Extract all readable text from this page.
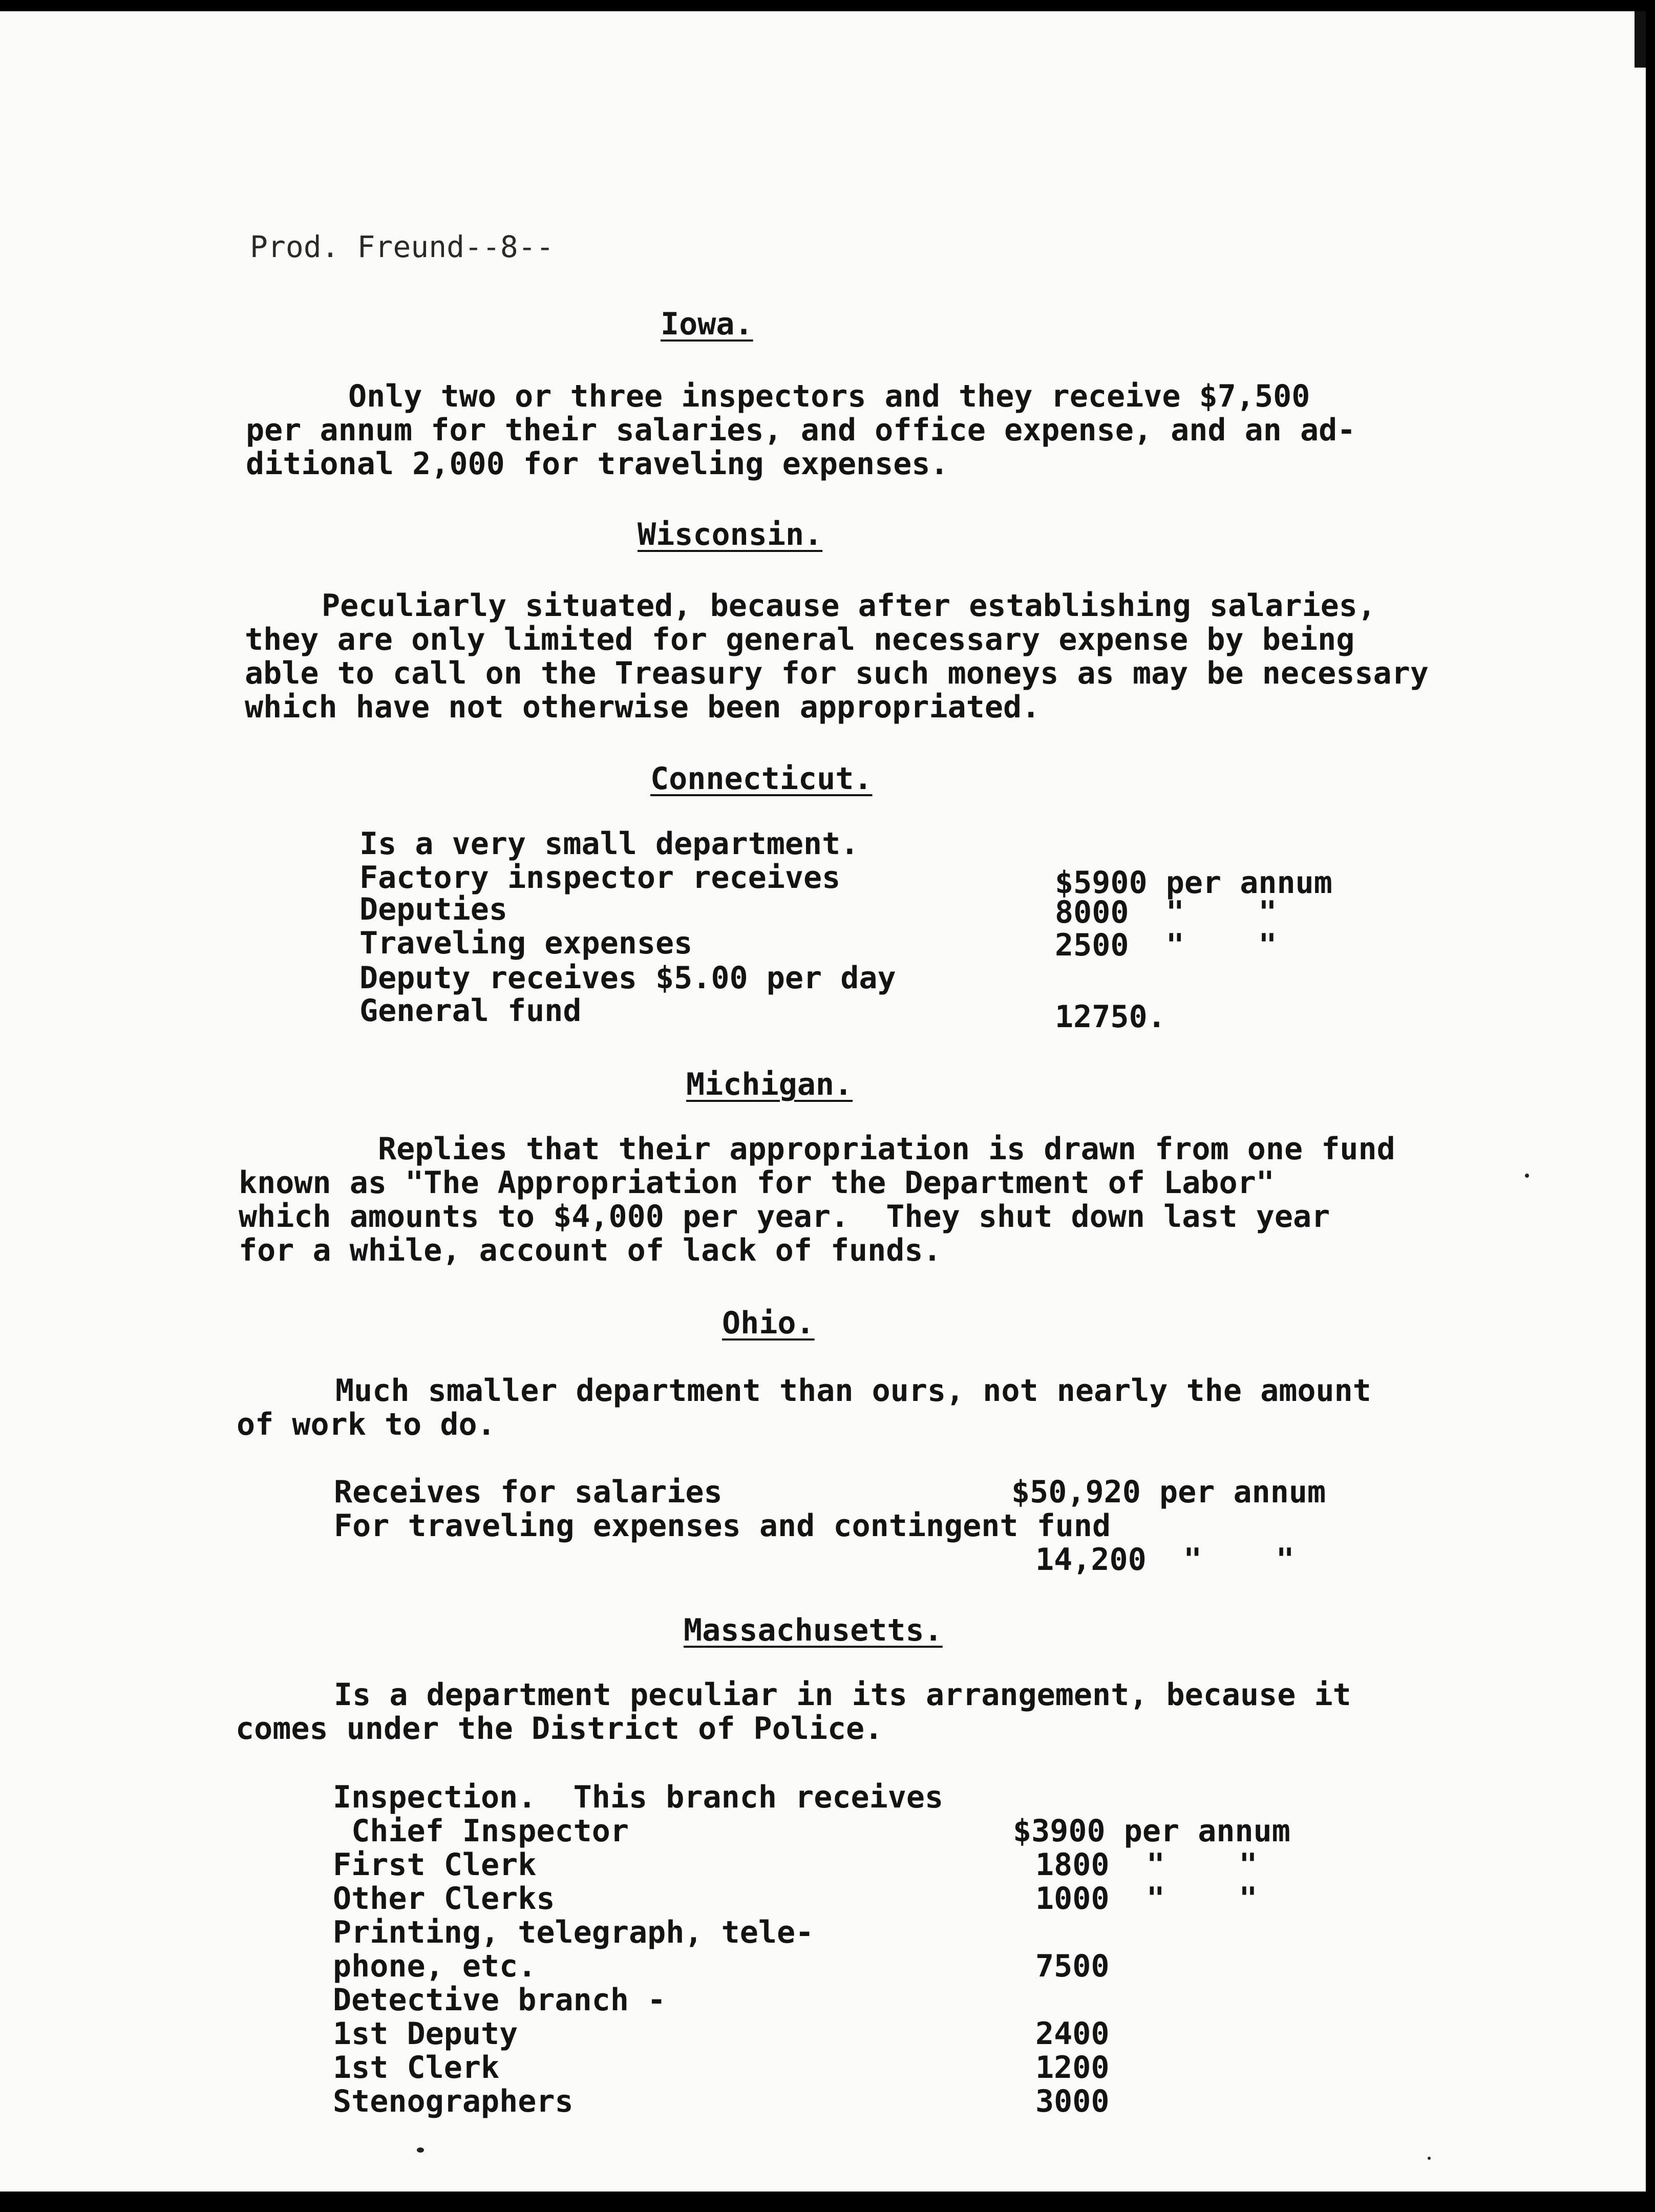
Prod. Freund--8--
Iowa.
Only two or three inspectors and they receive $7,500
per annum for their salaries, and office expense, and an ad-
ditional 2,000 for traveling expenses.
Wisconsin.
Peculiarly situated, because after establishing salaries,
they are only limited for general necessary expense by being
able to call on the Treasury for such moneys as may be necessary
which have not otherwise been appropriated.
Connecticut.
Is a very small department.
Factory inspector receives	$5900 per annum
Deputies	8000  "    "
Traveling expenses	2500  "    "
Deputy receives $5.00 per day
General fund	12750.
Michigan.
Replies that their appropriation is drawn from one fund
known as "The Appropriation for the Department of Labor"
which amounts to $4,000 per year.  They shut down last year
for a while, account of lack of funds.
Ohio.
Much smaller department than ours, not nearly the amount
of work to do.
Receives for salaries	$50,920 per annum
For traveling expenses and contingent fund
14,200  "    "
Massachusetts.
Is a department peculiar in its arrangement, because it
comes under the District of Police.
Inspection.  This branch receives
Chief Inspector	$3900 per annum
First Clerk	1800  "    "
Other Clerks	1000  "    "
Printing, telegraph, tele-
phone, etc.	7500
Detective branch -
1st Deputy	2400
1st Clerk	1200
Stenographers	3000
